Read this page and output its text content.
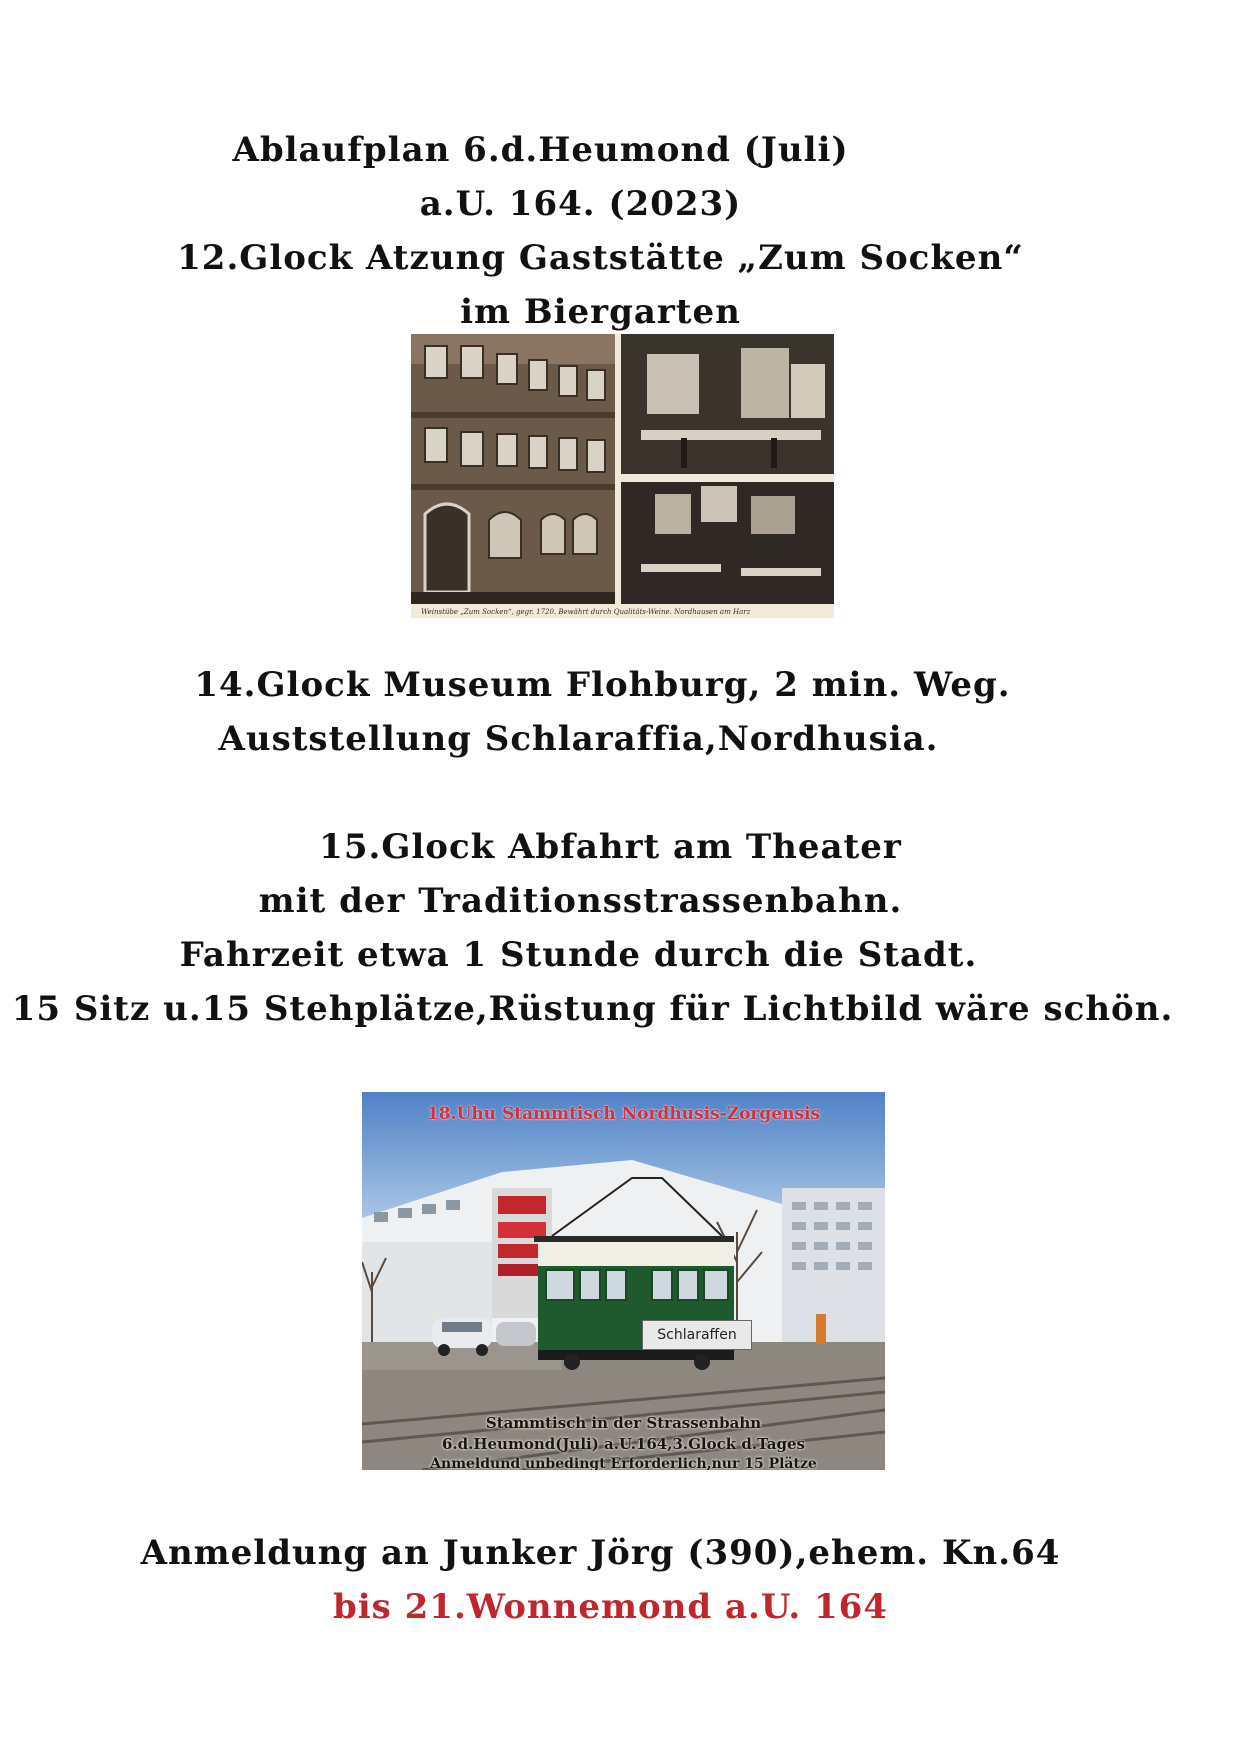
Ablaufplan 6.d.Heumond (Juli)
a.U. 164. (2023)
12.Glock Atzung Gaststätte „Zum Socken“
im Biergarten
Weinstübe „Zum Socken“, gegr. 1720. Bewährt durch Qualitäts-Weine. Nordhausen am Harz
14.Glock Museum Flohburg, 2 min. Weg.
Auststellung Schlaraffia,Nordhusia.
15.Glock Abfahrt am Theater
mit der Traditionsstrassenbahn.
Fahrzeit etwa 1 Stunde durch die Stadt.
15 Sitz u.15 Stehplätze,Rüstung für Lichtbild wäre schön.
18.Uhu Stammtisch Nordhusis-Zorgensis
Schlaraffen
Stammtisch in der Strassenbahn
6.d.Heumond(Juli) a.U.164,3.Glock d.Tages
Anmeldund unbedingt Erforderlich,nur 15 Plätze
Anmeldung an Junker Jörg (390),ehem. Kn.64
bis 21.Wonnemond a.U. 164
